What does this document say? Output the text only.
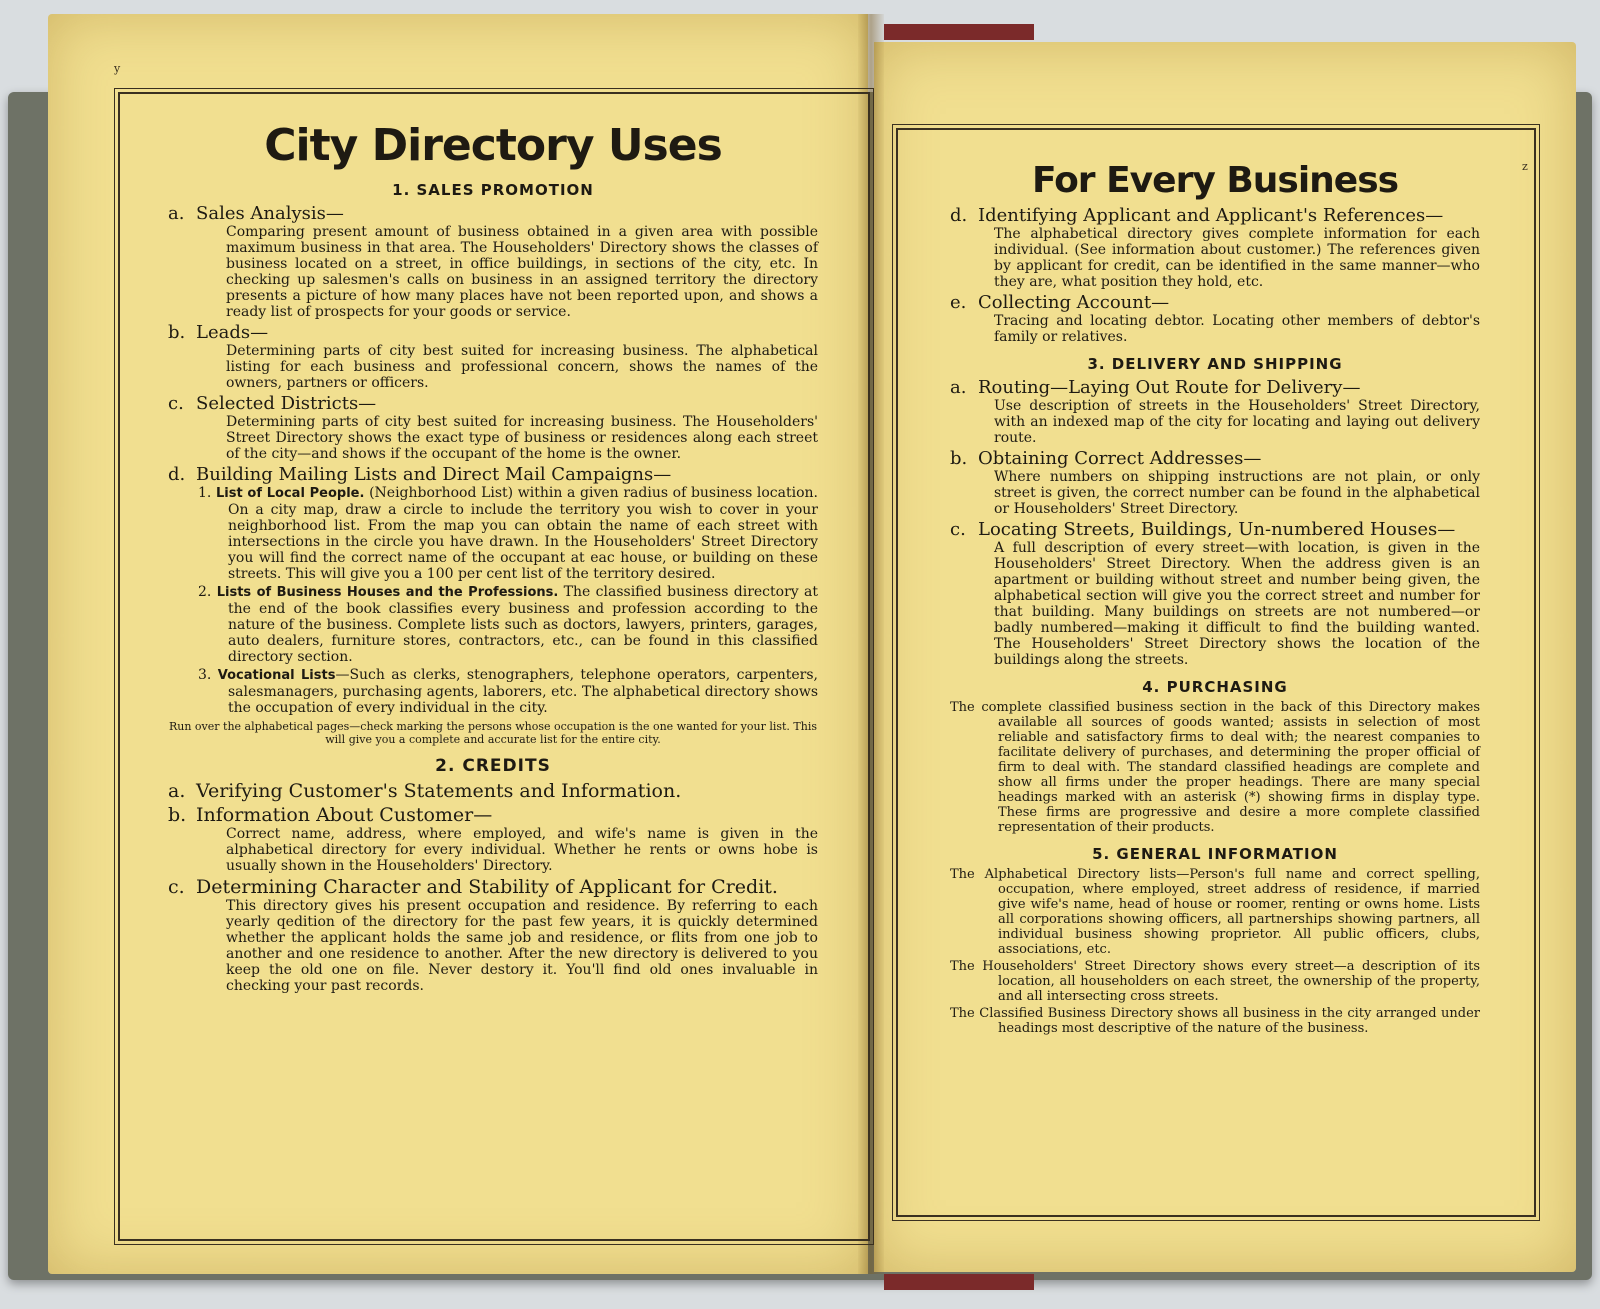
y
z
City Directory Uses
1. SALES PROMOTION
a. Sales Analysis—

Comparing present amount of business obtained in a given area with possible maximum business in that area. The Householders' Directory shows the classes of business located on a street, in office buildings, in sections of the city, etc. In checking up salesmen's calls on business in an assigned territory the directory presents a picture of how many places have not been reported upon, and shows a ready list of prospects for your goods or service.

b. Leads—

Determining parts of city best suited for increasing business. The alphabetical listing for each business and professional concern, shows the names of the owners, partners or officers.

c. Selected Districts—

Determining parts of city best suited for increasing business. The Householders' Street Directory shows the exact type of business or residences along each street of the city—and shows if the occupant of the home is the owner.

d. Building Mailing Lists and Direct Mail Campaigns—

1. List of Local People. (Neighborhood List) within a given radius of business location. On a city map, draw a circle to include the territory you wish to cover in your neighborhood list. From the map you can obtain the name of each street with intersections in the circle you have drawn. In the Householders' Street Directory you will find the correct name of the occupant at eac house, or building on these streets. This will give you a 100 per cent list of the territory desired.

2. Lists of Business Houses and the Professions. The classified business directory at the end of the book classifies every business and profession according to the nature of the business. Complete lists such as doctors, lawyers, printers, garages, auto dealers, furniture stores, contractors, etc., can be found in this classified directory section.

3. Vocational Lists—Such as clerks, stenographers, telephone operators, carpenters, salesmanagers, purchasing agents, laborers, etc. The alphabetical directory shows the occupation of every individual in the city.

Run over the alphabetical pages—check marking the persons whose occupation is the one wanted for your list. This will give you a complete and accurate list for the entire city.

2. CREDITS
a. Verifying Customer's Statements and Information.
b. Information About Customer—

Correct name, address, where employed, and wife's name is given in the alphabetical directory for every individual. Whether he rents or owns hobe is usually shown in the Householders' Directory.

c. Determining Character and Stability of Applicant for Credit.

This directory gives his present occupation and residence. By referring to each yearly qedition of the directory for the past few years, it is quickly determined whether the applicant holds the same job and residence, or flits from one job to another and one residence to another. After the new directory is delivered to you keep the old one on file. Never destory it. You'll find old ones invaluable in checking your past records.

For Every Business
d. Identifying Applicant and Applicant's References—

The alphabetical directory gives complete information for each individual. (See information about customer.) The references given by applicant for credit, can be identified in the same manner—who they are, what position they hold, etc.

e. Collecting Account—

Tracing and locating debtor. Locating other members of debtor's family or relatives.

3. DELIVERY AND SHIPPING
a. Routing—Laying Out Route for Delivery—

Use description of streets in the Householders' Street Directory, with an indexed map of the city for locating and laying out delivery route.

b. Obtaining Correct Addresses—

Where numbers on shipping instructions are not plain, or only street is given, the correct number can be found in the alphabetical or Householders' Street Directory.

c. Locating Streets, Buildings, Un-numbered Houses—

A full description of every street—with location, is given in the Householders' Street Directory. When the address given is an apartment or building without street and number being given, the alphabetical section will give you the correct street and number for that building. Many buildings on streets are not numbered—or badly numbered—making it difficult to find the building wanted. The Householders' Street Directory shows the location of the buildings along the streets.

4. PURCHASING

The complete classified business section in the back of this Directory makes available all sources of goods wanted; assists in selection of most reliable and satisfactory firms to deal with; the nearest companies to facilitate delivery of purchases, and determining the proper official of firm to deal with. The standard classified headings are complete and show all firms under the proper headings. There are many special headings marked with an asterisk (*) showing firms in display type. These firms are progressive and desire a more complete classified representation of their products.

5. GENERAL INFORMATION

The Alphabetical Directory lists—Person's full name and correct spelling, occupation, where employed, street address of residence, if married give wife's name, head of house or roomer, renting or owns home. Lists all corporations showing officers, all partnerships showing partners, all individual business showing proprietor. All public officers, clubs, associations, etc.

The Householders' Street Directory shows every street—a description of its location, all householders on each street, the ownership of the property, and all intersecting cross streets.

The Classified Business Directory shows all business in the city arranged under headings most descriptive of the nature of the business.
